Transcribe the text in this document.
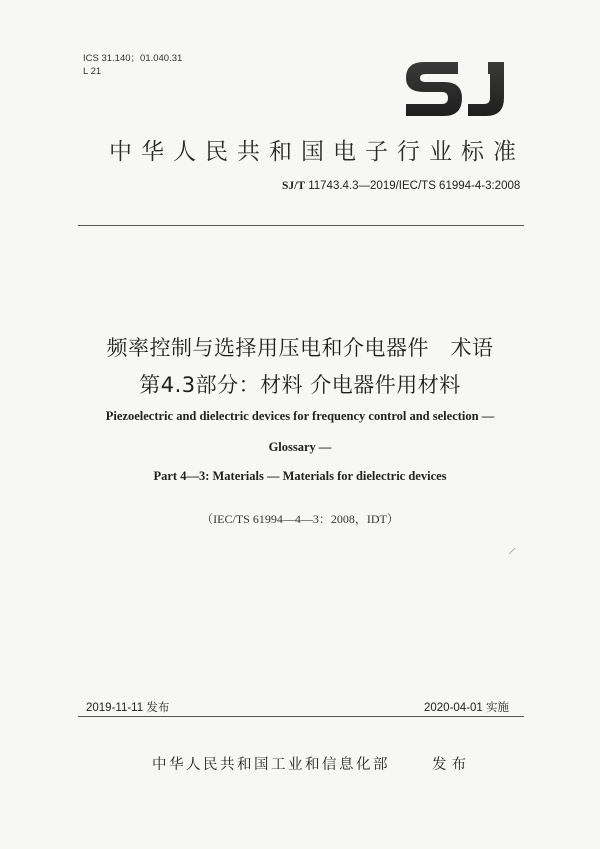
ICS 31.140；01.040.31
L 21
中华人民共和国电子行业标准
SJ/T 11743.4.3—2019/IEC/TS 61994-4-3:2008
频率控制与选择用压电和介电器件　术语
第4.3部分：材料 介电器件用材料
Piezoelectric and dielectric devices for frequency control and selection —
Glossary —
Part 4—3: Materials — Materials for dielectric devices
（IEC/TS 61994—4—3：2008，IDT）
2019-11-11 发布	2020-04-01 实施
中华人民共和国工业和信息化部	发布
